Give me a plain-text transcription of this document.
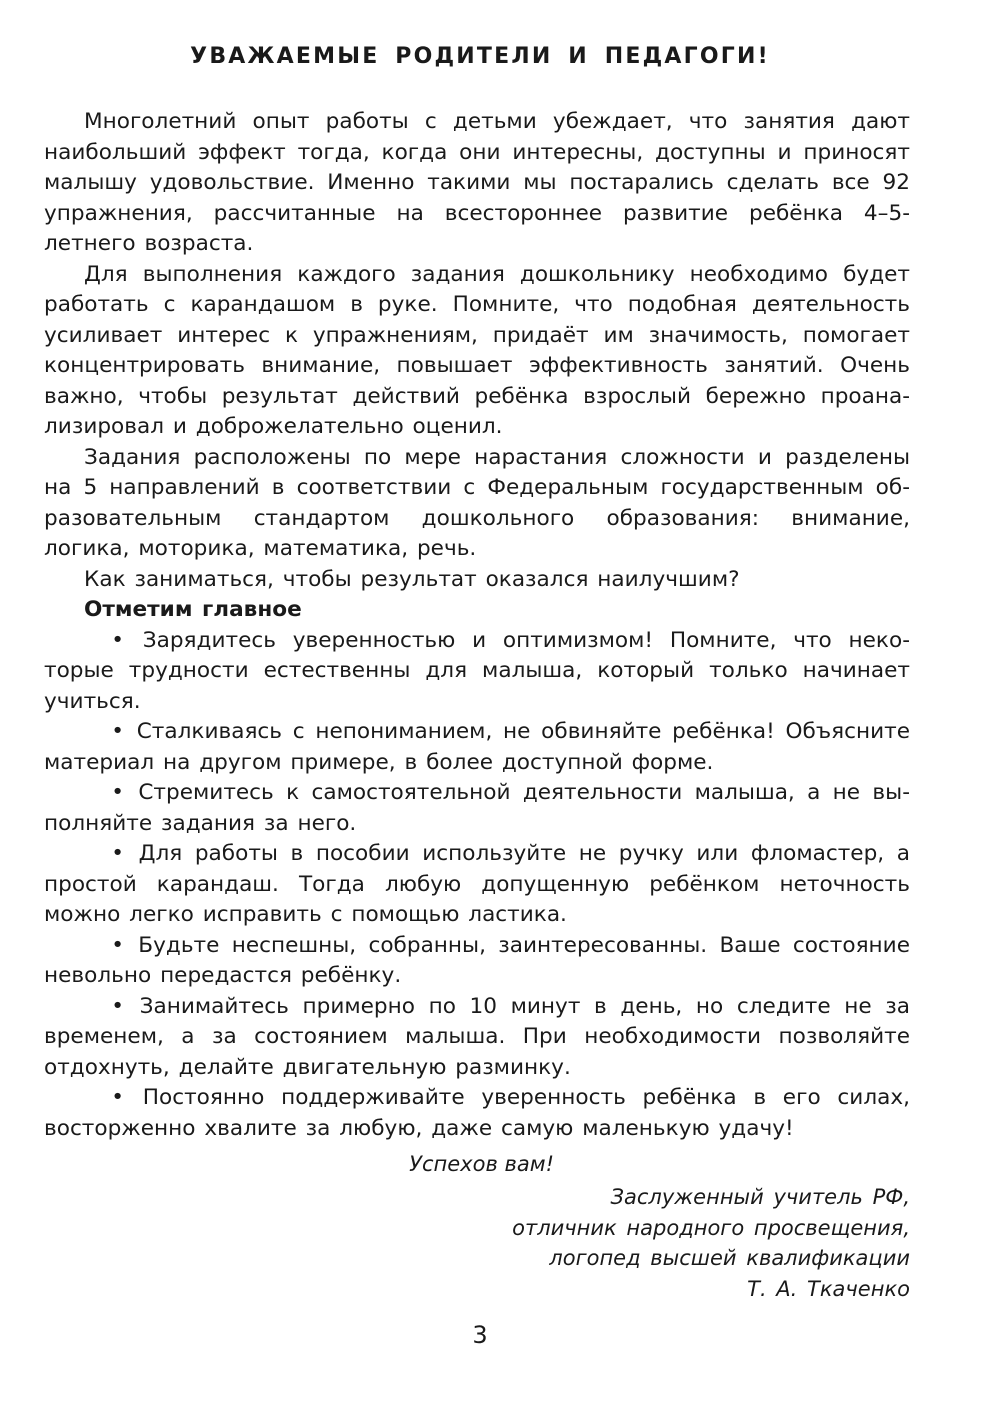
УВАЖАЕМЫЕ РОДИТЕЛИ И ПЕДАГОГИ!

Многолетний опыт работы с детьми убеждает, что занятия дают наибольший эффект тогда, когда они интересны, доступны и приносят малышу удовольствие. Именно такими мы постарались сделать все 92 упражнения, рассчитанные на всестороннее развитие ребёнка 4–5-летнего возраста.

Для выполнения каждого задания дошкольнику необходимо будет работать с карандашом в руке. Помните, что подобная деятельность усиливает интерес к упражнениям, придаёт им значимость, помогает концентрировать внимание, повышает эффективность занятий. Очень важно, чтобы результат действий ребёнка взрослый бережно проанализировал и доброжелательно оценил.

Задания расположены по мере нарастания сложности и разделены на 5 направлений в соответствии с Федеральным государственным образовательным стандартом дошкольного образования: внимание, логика, моторика, математика, речь.

Как заниматься, чтобы результат оказался наилучшим?

Отметим главное

• Зарядитесь уверенностью и оптимизмом! Помните, что некоторые трудности естественны для малыша, который только начинает учиться.

• Сталкиваясь с непониманием, не обвиняйте ребёнка! Объясните материал на другом примере, в более доступной форме.

• Стремитесь к самостоятельной деятельности малыша, а не выполняйте задания за него.

• Для работы в пособии используйте не ручку или фломастер, а простой карандаш. Тогда любую допущенную ребёнком неточность можно легко исправить с помощью ластика.

• Будьте неспешны, собранны, заинтересованны. Ваше состояние невольно передастся ребёнку.

• Занимайтесь примерно по 10 минут в день, но следите не за временем, а за состоянием малыша. При необходимости позволяйте отдохнуть, делайте двигательную разминку.

• Постоянно поддерживайте уверенность ребёнка в его силах, восторженно хвалите за любую, даже самую маленькую удачу!

Успехов вам!
Заслуженный учитель РФ,
отличник народного просвещения,
логопед высшей квалификации
Т. А. Ткаченко
3
